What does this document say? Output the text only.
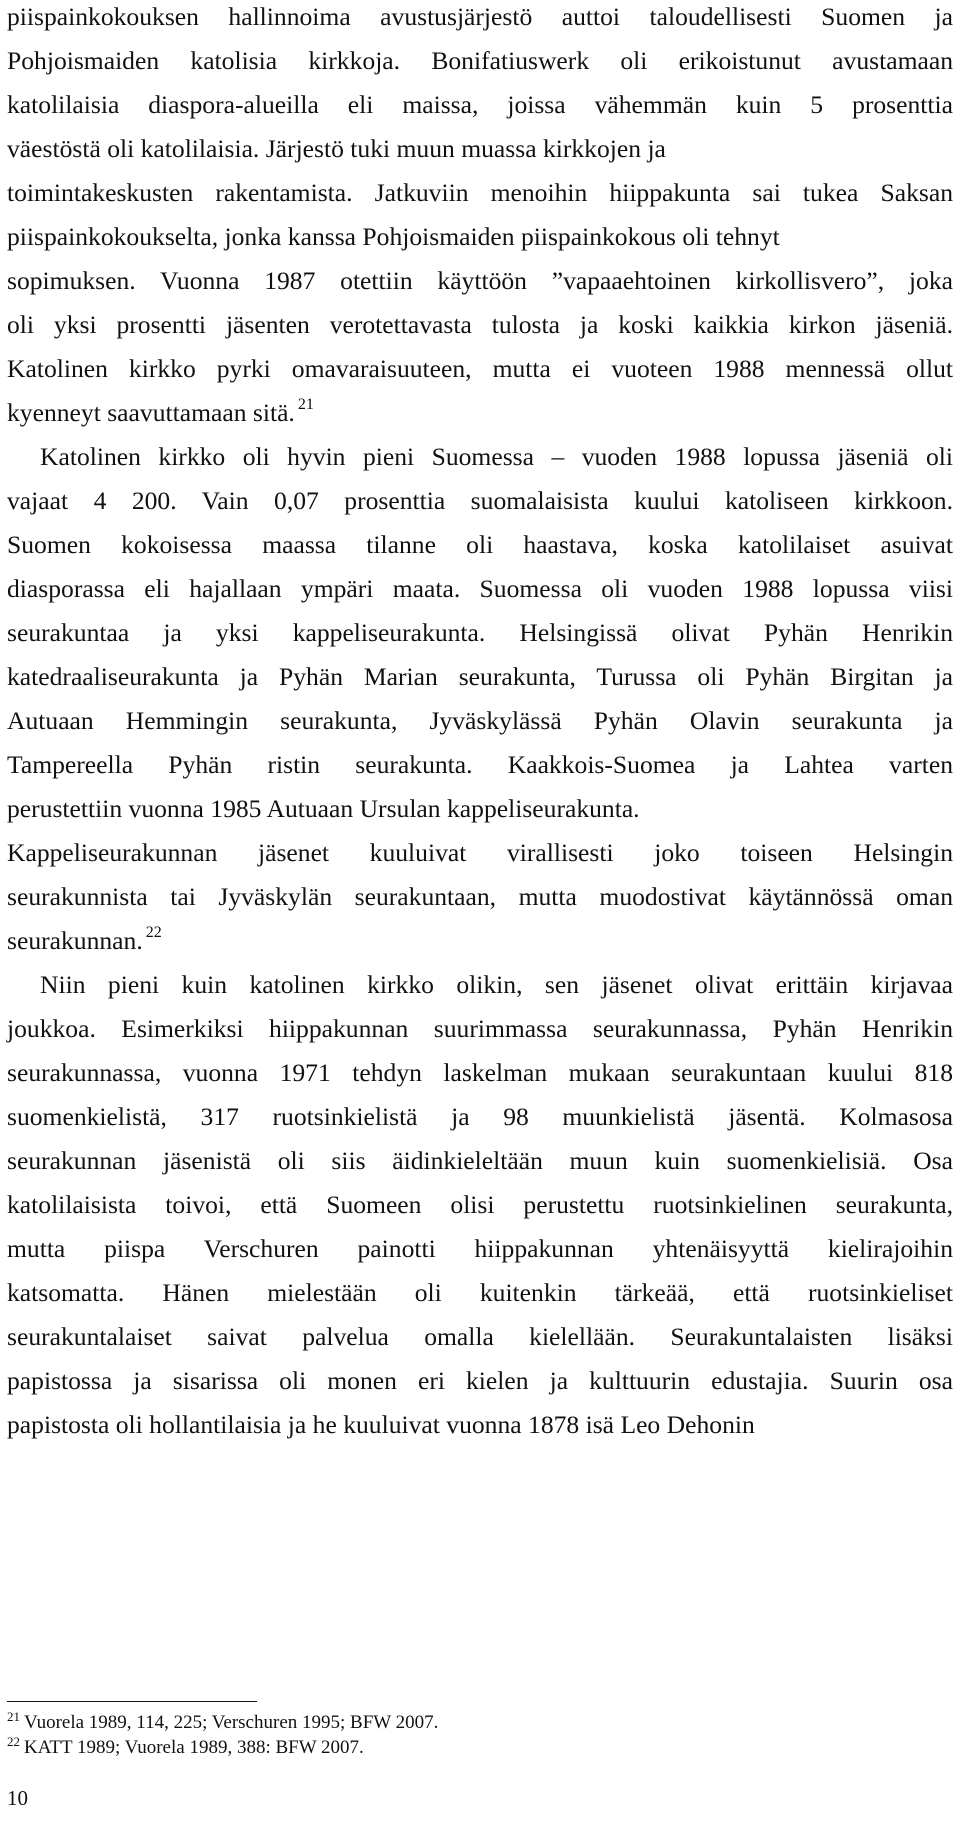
piispainkokouksen hallinnoima avustusjärjestö auttoi taloudellisesti Suomen ja
Pohjoismaiden katolisia kirkkoja. Bonifatiuswerk oli erikoistunut avustamaan
katolilaisia diaspora-alueilla eli maissa, joissa vähemmän kuin 5 prosenttia
väestöstä oli katolilaisia. Järjestö tuki muun muassa kirkkojen ja
toimintakeskusten rakentamista. Jatkuviin menoihin hiippakunta sai tukea Saksan
piispainkokoukselta, jonka kanssa Pohjoismaiden piispainkokous oli tehnyt
sopimuksen. Vuonna 1987 otettiin käyttöön ”vapaaehtoinen kirkollisvero”, joka
oli yksi prosentti jäsenten verotettavasta tulosta ja koski kaikkia kirkon jäseniä.
Katolinen kirkko pyrki omavaraisuuteen, mutta ei vuoteen 1988 mennessä ollut
kyenneyt saavuttamaan sitä. $^{21}$
Katolinen kirkko oli hyvin pieni Suomessa – vuoden 1988 lopussa jäseniä oli
vajaat 4 200. Vain 0,07 prosenttia suomalaisista kuului katoliseen kirkkoon.
Suomen kokoisessa maassa tilanne oli haastava, koska katolilaiset asuivat
diasporassa eli hajallaan ympäri maata. Suomessa oli vuoden 1988 lopussa viisi
seurakuntaa ja yksi kappeliseurakunta. Helsingissä olivat Pyhän Henrikin
katedraaliseurakunta ja Pyhän Marian seurakunta, Turussa oli Pyhän Birgitan ja
Autuaan Hemmingin seurakunta, Jyväskylässä Pyhän Olavin seurakunta ja
Tampereella Pyhän ristin seurakunta. Kaakkois-Suomea ja Lahtea varten
perustettiin vuonna 1985 Autuaan Ursulan kappeliseurakunta.
Kappeliseurakunnan jäsenet kuuluivat virallisesti joko toiseen Helsingin
seurakunnista tai Jyväskylän seurakuntaan, mutta muodostivat käytännössä oman
seurakunnan. $^{22}$
Niin pieni kuin katolinen kirkko olikin, sen jäsenet olivat erittäin kirjavaa
joukkoa. Esimerkiksi hiippakunnan suurimmassa seurakunnassa, Pyhän Henrikin
seurakunnassa, vuonna 1971 tehdyn laskelman mukaan seurakuntaan kuului 818
suomenkielistä, 317 ruotsinkielistä ja 98 muunkielistä jäsentä. Kolmasosa
seurakunnan jäsenistä oli siis äidinkieleltään muun kuin suomenkielisiä. Osa
katolilaisista toivoi, että Suomeen olisi perustettu ruotsinkielinen seurakunta,
mutta piispa Verschuren painotti hiippakunnan yhtenäisyyttä kielirajoihin
katsomatta. Hänen mielestään oli kuitenkin tärkeää, että ruotsinkieliset
seurakuntalaiset saivat palvelua omalla kielellään. Seurakuntalaisten lisäksi
papistossa ja sisarissa oli monen eri kielen ja kulttuurin edustajia. Suurin osa
papistosta oli hollantilaisia ja he kuuluivat vuonna 1878 isä Leo Dehonin
$^{21}$ Vuorela 1989, 114, 225; Verschuren 1995; BFW 2007.
$^{22}$ KATT 1989; Vuorela 1989, 388: BFW 2007.
10
